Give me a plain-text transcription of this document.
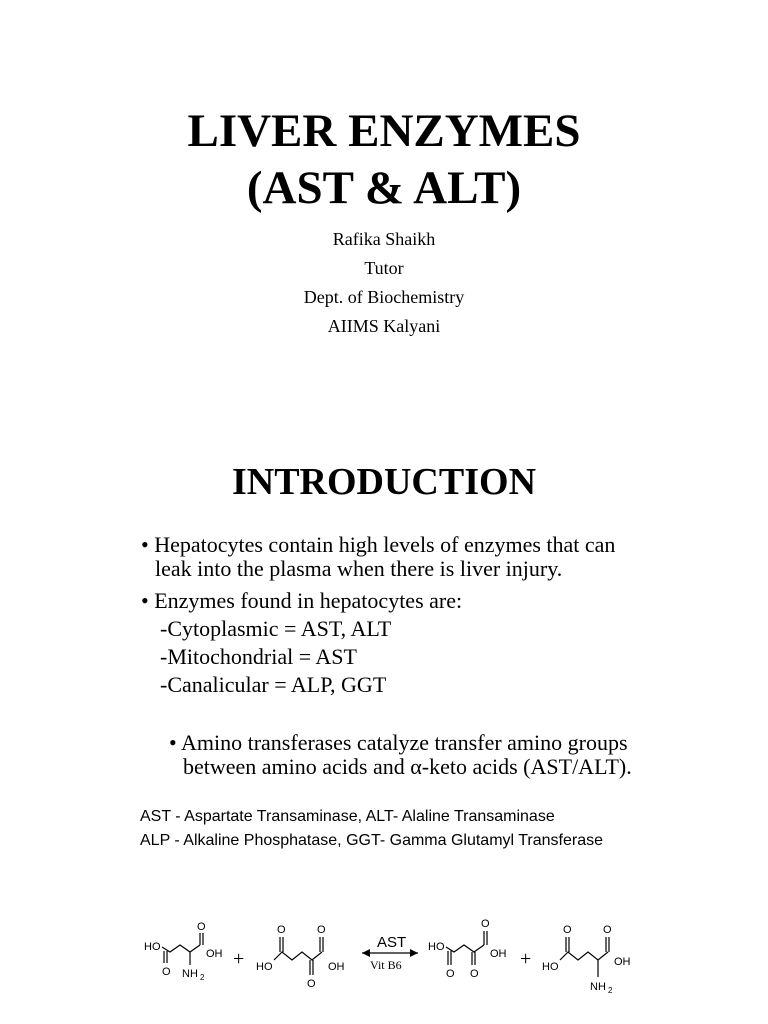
LIVER ENZYMES
(AST & ALT)
Rafika Shaikh
Tutor
Dept. of Biochemistry
AIIMS Kalyani
INTRODUCTION
• Hepatocytes contain high levels of enzymes that can
leak into the plasma when there is liver injury.
• Enzymes found in hepatocytes are:
-Cytoplasmic = AST, ALT
-Mitochondrial = AST
-Canalicular = ALP, GGT
• Amino transferases catalyze transfer amino groups
between amino acids and α-keto acids (AST/ALT).
AST - Aspartate Transaminase, ALT- Alaline Transaminase
ALP - Alkaline Phosphatase, GGT- Gamma Glutamyl Transferase
HO
O
O
OH
NH 2
+ HO
O	O
OH
O
AST
Vit B6
HO
O O
O
OH + HO
O	O
OH
NH 2
